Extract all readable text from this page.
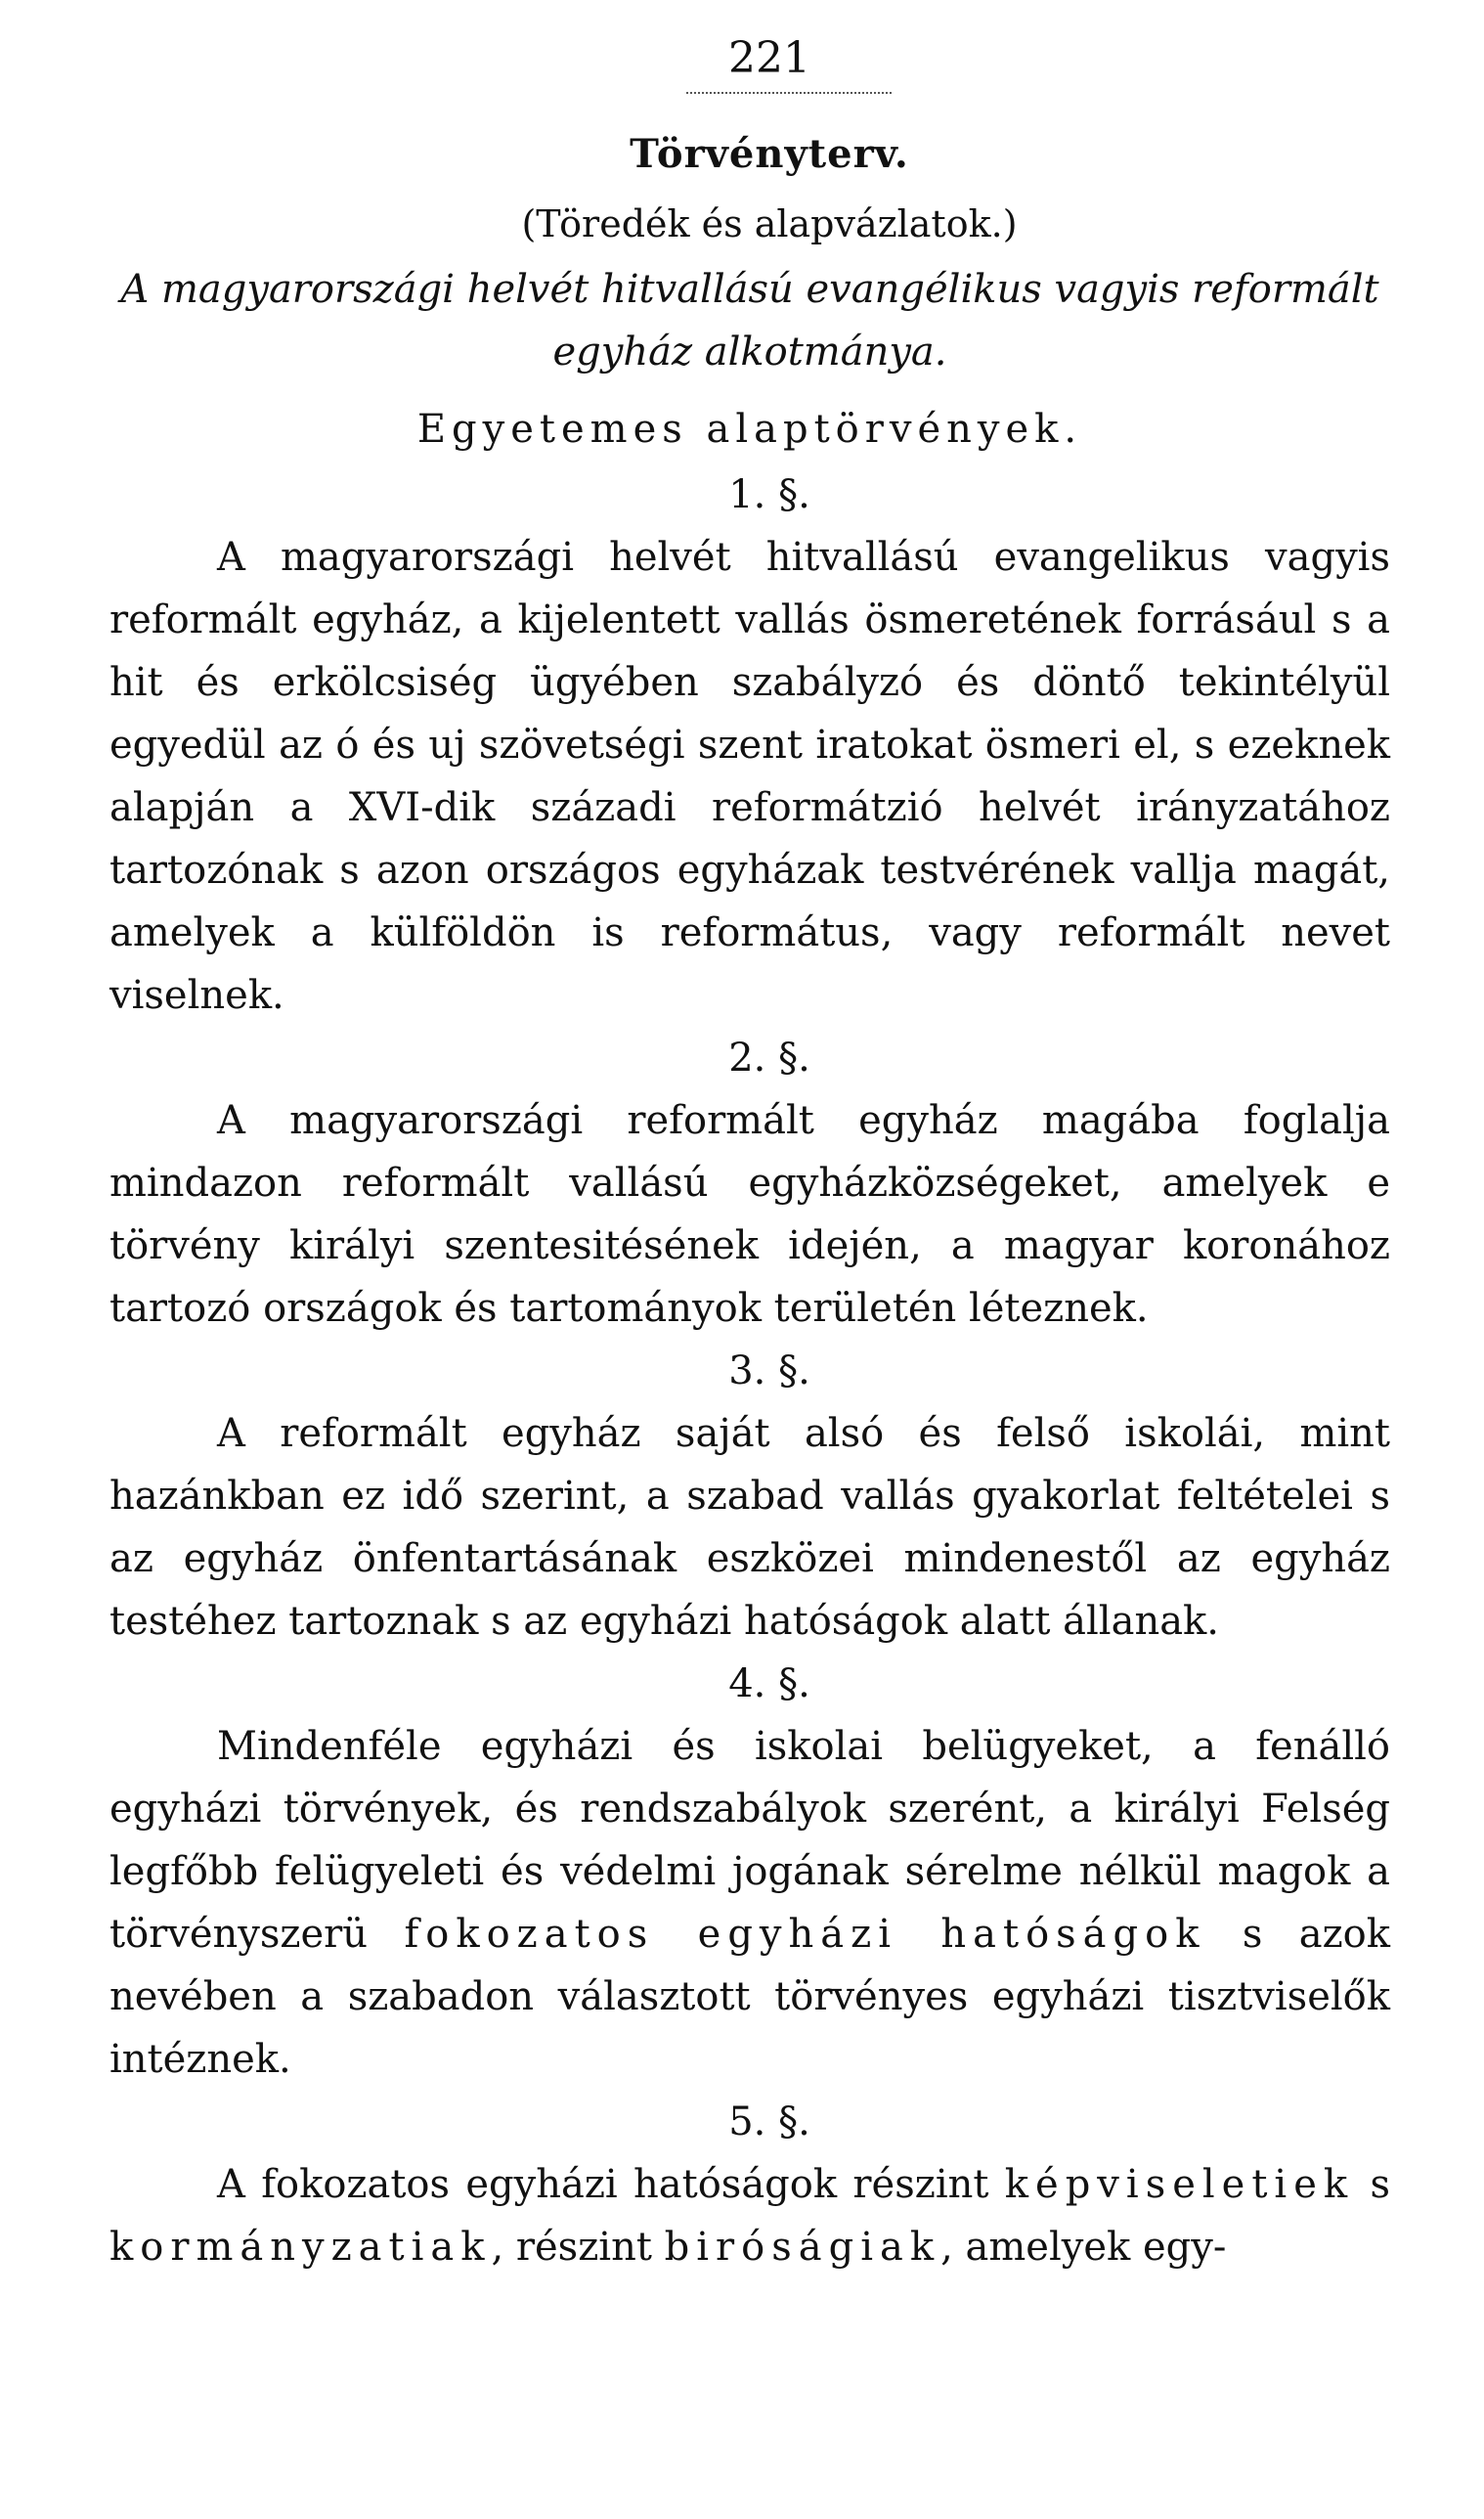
221
Törvényterv.
(Töredék és alapvázlatok.)
A magyarországi helvét hitvallású evangélikus vagyis reformált egyház alkotmánya.
Egyetemes alaptörvények.
1. §.

A magyarországi helvét hitvallású evangelikus vagyis reformált egyház, a kijelentett vallás ösmeretének forrásául s a hit és erkölcsiség ügyében szabályzó és döntő tekintélyül egyedül az ó és uj szövetségi szent iratokat ösmeri el, s ezeknek alapján a XVI-dik századi reformátzió helvét irányzatához tartozónak s azon országos egyházak testvérének vallja magát, amelyek a külföldön is református, vagy reformált nevet viselnek.

2. §.

A magyarországi reformált egyház magába foglalja mindazon reformált vallású egyházközségeket, amelyek e törvény királyi szentesitésének idején, a magyar koronához tartozó országok és tartományok területén léteznek.

3. §.

A reformált egyház saját alsó és felső iskolái, mint hazánkban ez idő szerint, a szabad vallás gyakorlat feltételei s az egyház önfentartásának eszközei mindenestől az egyház testéhez tartoznak s az egyházi hatóságok alatt állanak.

4. §.

Mindenféle egyházi és iskolai belügyeket, a fenálló egyházi törvények, és rendszabályok szerént, a királyi Felség legfőbb felügyeleti és védelmi jogának sérelme nélkül magok a törvényszerü fokozatos egyházi hatóságok s azok nevében a szabadon választott törvényes egyházi tisztviselők intéznek.

5. §.

A fokozatos egyházi hatóságok részint képviseletiek s kormányzatiak, részint biróságiak, amelyek egy-
